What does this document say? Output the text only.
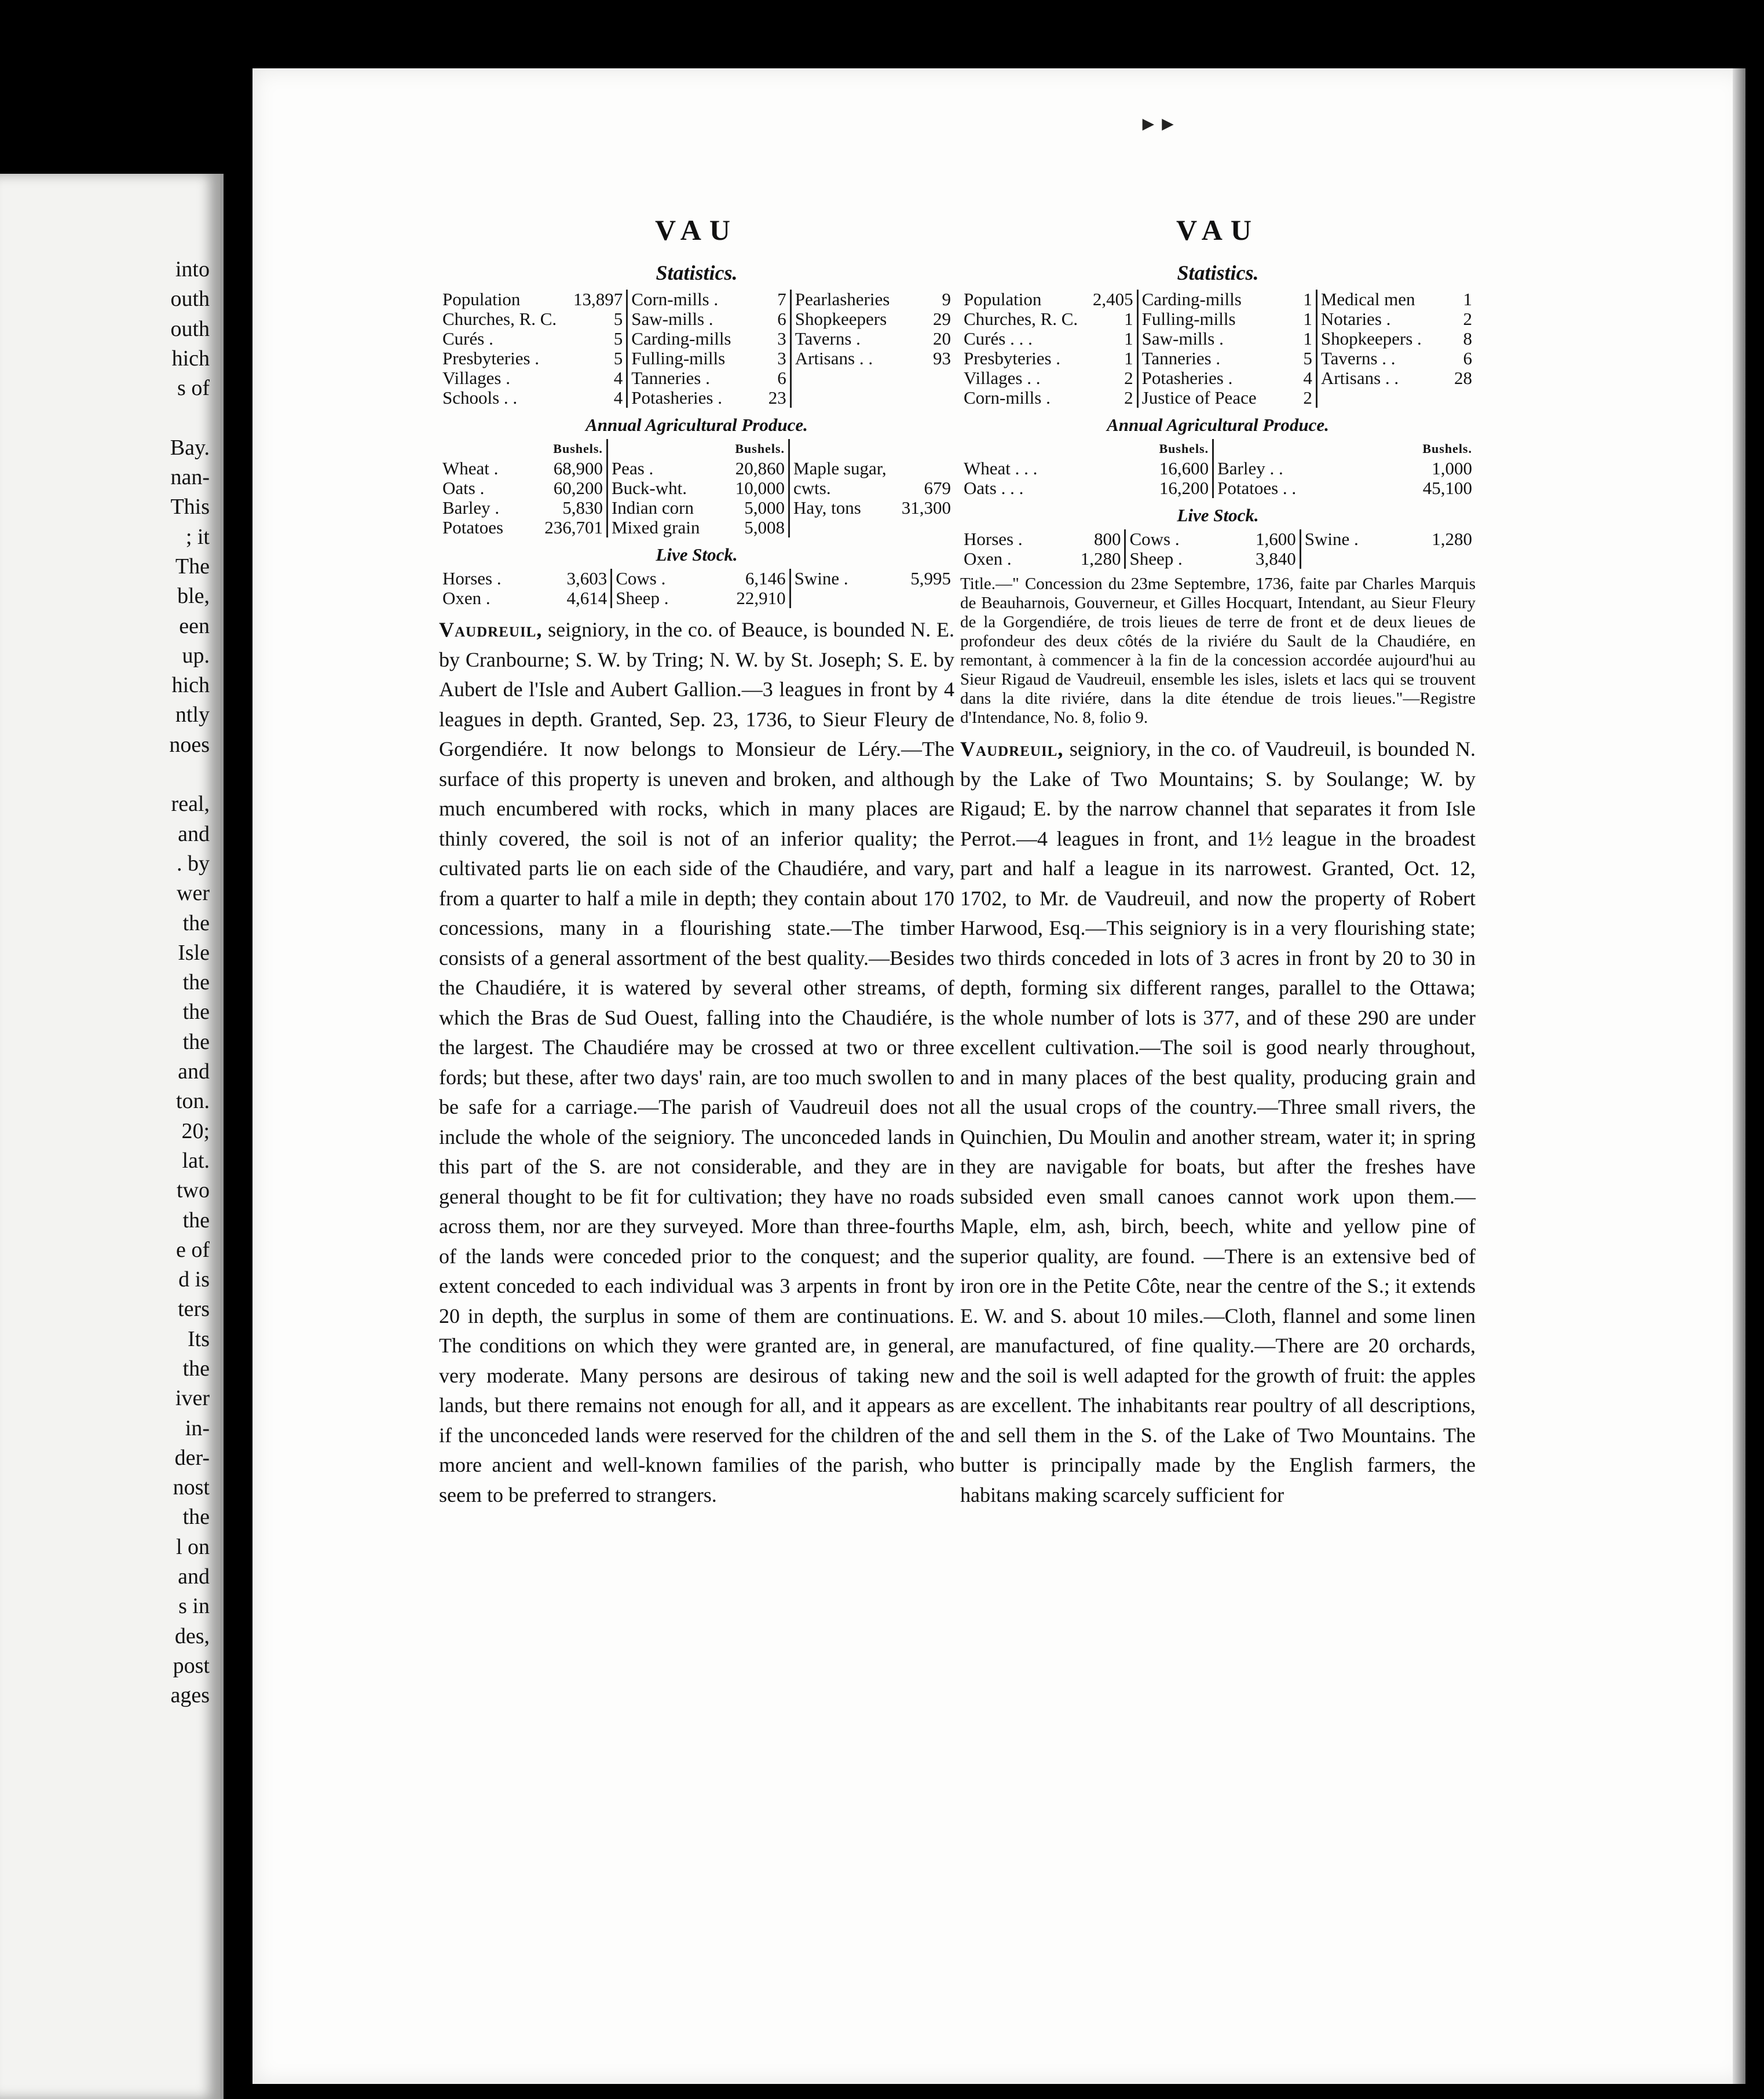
into
outh
outh
hich
s of

Bay.
nan-
This
; it
The
ble,
een
up.
hich
ntly
noes

real,
and
. by
wer
the
Isle
the
the
the
and
ton.
20;
lat.
two
the
e of
d is
ters
Its
the
iver
in-
der-
nost
the
l on
and
s in
des,
post
ages
►►
VAU
Statistics.
Population	13,897
Churches, R. C.	5
Curés .	5
Presbyteries .	5
Villages .	4
Schools . .	4

Corn-mills .	7
Saw-mills .	6
Carding-mills	3
Fulling-mills	3
Tanneries .	6
Potasheries .	23

Pearlasheries	9
Shopkeepers	29
Taverns .	20
Artisans . .	93
Annual Agricultural Produce.
Bushels.
Wheat .	68,900
Oats .	60,200
Barley .	5,830
Potatoes 236,701

Bushels.
Peas .	20,860
Buck-wht.	10,000
Indian corn	5,000
Mixed grain 5,008

Maple sugar,
cwts.	679
Hay, tons 31,300
Live Stock.
Horses .	3,603
Oxen .	4,614

Cows .	6,146
Sheep .	22,910

Swine .	5,995

Vaudreuil, seigniory, in the co. of Beauce, is bounded N. E. by Cranbourne; S. W. by Tring; N. W. by St. Joseph; S. E. by Aubert de l'Isle and Aubert Gallion.—3 leagues in front by 4 leagues in depth. Granted, Sep. 23, 1736, to Sieur Fleury de Gorgendiére. It now belongs to Monsieur de Léry.—The surface of this property is uneven and broken, and although much encumbered with rocks, which in many places are thinly covered, the soil is not of an inferior quality; the cultivated parts lie on each side of the Chaudiére, and vary, from a quarter to half a mile in depth; they contain about 170 concessions, many in a flourishing state.—The timber consists of a general assortment of the best quality.—Besides the Chaudiére, it is watered by several other streams, of which the Bras de Sud Ouest, falling into the Chaudiére, is the largest. The Chaudiére may be crossed at two or three fords; but these, after two days' rain, are too much swollen to be safe for a carriage.—The parish of Vaudreuil does not include the whole of the seigniory. The unconceded lands in this part of the S. are not considerable, and they are in general thought to be fit for cultivation; they have no roads across them, nor are they surveyed. More than three-fourths of the lands were conceded prior to the conquest; and the extent conceded to each individual was 3 arpents in front by 20 in depth, the surplus in some of them are continuations. The conditions on which they were granted are, in general, very moderate. Many persons are desirous of taking new lands, but there remains not enough for all, and it appears as if the unconceded lands were reserved for the children of the more ancient and well-known families of the parish, who seem to be preferred to strangers.

VAU
Statistics.
Population	2,405
Churches, R. C.	1
Curés . . .	1
Presbyteries .	1
Villages . .	2
Corn-mills .	2

Carding-mills	1
Fulling-mills	1
Saw-mills .	1
Tanneries .	5
Potasheries .	4
Justice of Peace	2

Medical men	1
Notaries .	2
Shopkeepers . 8
Taverns . .	6
Artisans . .	28
Annual Agricultural Produce.
Bushels.
Wheat . . .	16,600
Oats . . .	16,200

Bushels.
Barley . .	1,000
Potatoes . .	45,100
Live Stock.
Horses .	800
Oxen .	1,280

Cows .	1,600
Sheep .	3,840

Swine .	1,280

Title.—" Concession du 23me Septembre, 1736, faite par Charles Marquis de Beauharnois, Gouverneur, et Gilles Hocquart, Intendant, au Sieur Fleury de la Gorgendiére, de trois lieues de terre de front et de deux lieues de profondeur des deux côtés de la riviére du Sault de la Chaudiére, en remontant, à commencer à la fin de la concession accordée aujourd'hui au Sieur Rigaud de Vaudreuil, ensemble les isles, islets et lacs qui se trouvent dans la dite riviére, dans la dite étendue de trois lieues."—Registre d'Intendance, No. 8, folio 9.

Vaudreuil, seigniory, in the co. of Vaudreuil, is bounded N. by the Lake of Two Mountains; S. by Soulange; W. by Rigaud; E. by the narrow channel that separates it from Isle Perrot.—4 leagues in front, and 1½ league in the broadest part and half a league in its narrowest. Granted, Oct. 12, 1702, to Mr. de Vaudreuil, and now the property of Robert Harwood, Esq.—This seigniory is in a very flourishing state; two thirds conceded in lots of 3 acres in front by 20 to 30 in depth, forming six different ranges, parallel to the Ottawa; the whole number of lots is 377, and of these 290 are under excellent cultivation.—The soil is good nearly throughout, and in many places of the best quality, producing grain and all the usual crops of the country.—Three small rivers, the Quinchien, Du Moulin and another stream, water it; in spring they are navigable for boats, but after the freshes have subsided even small canoes cannot work upon them.—Maple, elm, ash, birch, beech, white and yellow pine of superior quality, are found. —There is an extensive bed of iron ore in the Petite Côte, near the centre of the S.; it extends E. W. and S. about 10 miles.—Cloth, flannel and some linen are manufactured, of fine quality.—There are 20 orchards, and the soil is well adapted for the growth of fruit: the apples are excellent. The inhabitants rear poultry of all descriptions, and sell them in the S. of the Lake of Two Mountains. The butter is principally made by the English farmers, the habitans making scarcely sufficient for
